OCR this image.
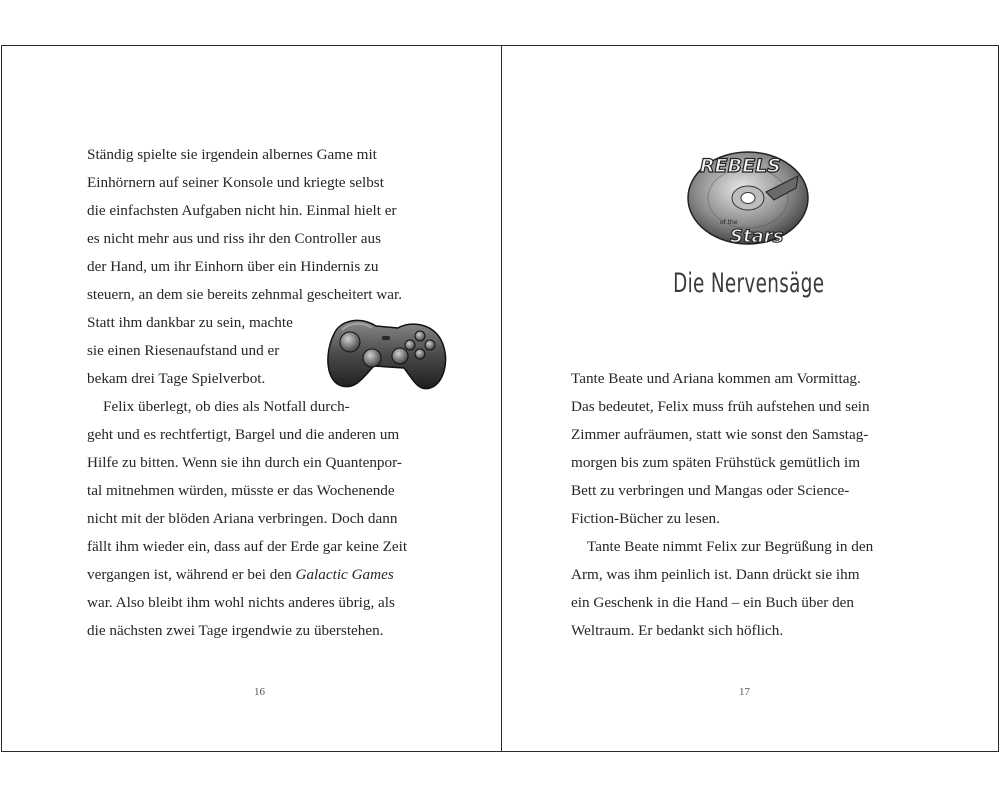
Ständig spielte sie irgendein albernes Game mit
Einhörnern auf seiner Konsole und kriegte selbst
die einfachsten Aufgaben nicht hin. Einmal hielt er
es nicht mehr aus und riss ihr den Controller aus
der Hand, um ihr Einhorn über ein Hindernis zu
steuern, an dem sie bereits zehnmal gescheitert war.
Statt ihm dankbar zu sein, machte
sie einen Riesenaufstand und er
bekam drei Tage Spielverbot.
Felix überlegt, ob dies als Notfall durch-
geht und es rechtfertigt, Bargel und die anderen um
Hilfe zu bitten. Wenn sie ihn durch ein Quantenpor-
tal mitnehmen würden, müsste er das Wochenende
nicht mit der blöden Ariana verbringen. Doch dann
fällt ihm wieder ein, dass auf der Erde gar keine Zeit
vergangen ist, während er bei den Galactic Games
war. Also bleibt ihm wohl nichts anderes übrig, als
die nächsten zwei Tage irgendwie zu überstehen.
16
REBELS
of the
Stars
Die Nervensäge
Tante Beate und Ariana kommen am Vormittag.
Das bedeutet, Felix muss früh aufstehen und sein
Zimmer aufräumen, statt wie sonst den Samstag-
morgen bis zum späten Frühstück gemütlich im
Bett zu verbringen und Mangas oder Science-
Fiction-Bücher zu lesen.
Tante Beate nimmt Felix zur Begrüßung in den
Arm, was ihm peinlich ist. Dann drückt sie ihm
ein Geschenk in die Hand – ein Buch über den
Weltraum. Er bedankt sich höflich.
17
